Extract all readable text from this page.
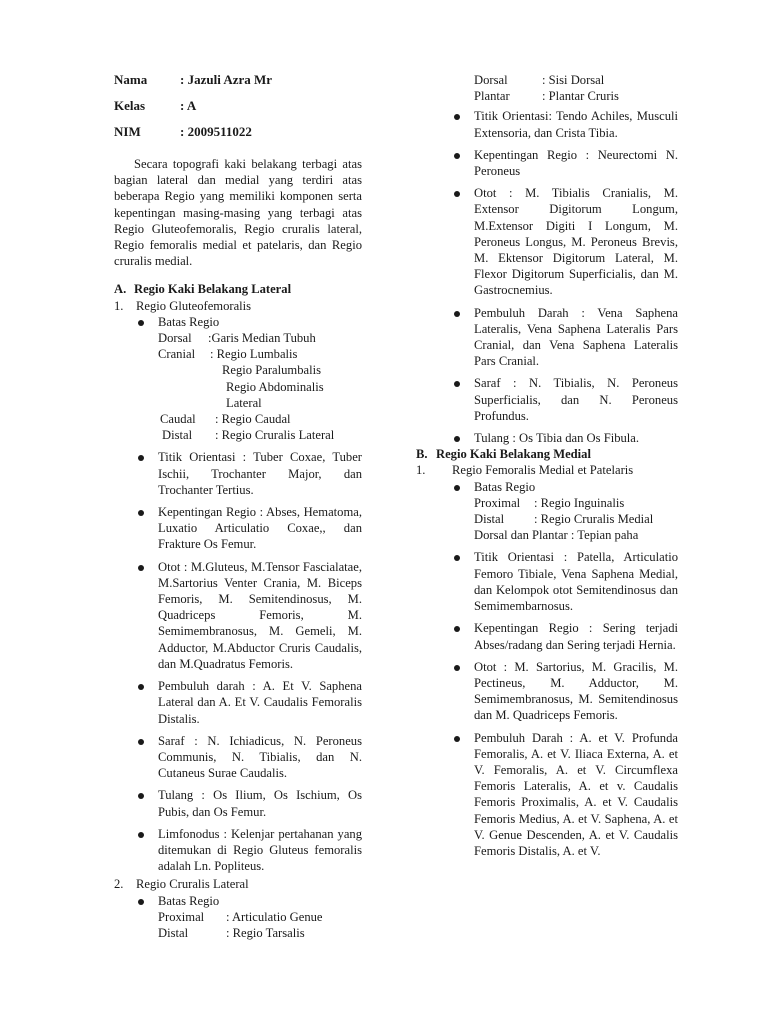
Nama	: Jazuli Azra Mr
Kelas	: A
NIM	: 2009511022

Secara topografi kaki belakang terbagi atas bagian lateral dan medial yang terdiri atas beberapa Regio yang memiliki komponen serta kepentingan masing-masing yang terbagi atas Regio Gluteofemoralis, Regio cruralis lateral, Regio femoralis medial et patelaris, dan Regio cruralis medial.

A. Regio Kaki Belakang Lateral
1. Regio Gluteofemoralis
Batas Regio
Dorsal	:Garis Median Tubuh
Cranial	: Regio Lumbalis
Regio Paralumbalis
Regio Abdominalis
Lateral
Caudal	: Regio Caudal
Distal	: Regio Cruralis Lateral
Titik Orientasi : Tuber Coxae, Tuber Ischii, Trochanter Major, dan Trochanter Tertius.
Kepentingan Regio : Abses, Hematoma, Luxatio Articulatio Coxae,, dan Frakture Os Femur.
Otot : M.Gluteus, M.Tensor Fascialatae, M.Sartorius Venter Crania, M. Biceps Femoris, M. Semitendinosus, M. Quadriceps Femoris, M. Semimembranosus, M. Gemeli, M. Adductor, M.Abductor Cruris Caudalis, dan M.Quadratus Femoris.
Pembuluh darah : A. Et V. Saphena Lateral dan A. Et V. Caudalis Femoralis Distalis.
Saraf : N. Ichiadicus, N. Peroneus Communis, N. Tibialis, dan N. Cutaneus Surae Caudalis.
Tulang : Os Ilium, Os Ischium, Os Pubis, dan Os Femur.
Limfonodus : Kelenjar pertahanan yang ditemukan di Regio Gluteus femoralis adalah Ln. Popliteus.
2. Regio Cruralis Lateral
Batas Regio
Proximal	: Articulatio Genue
Distal	: Regio Tarsalis
Dorsal	: Sisi Dorsal
Plantar	: Plantar Cruris
Titik Orientasi: Tendo Achiles, Musculi Extensoria, dan Crista Tibia.
Kepentingan Regio : Neurectomi N. Peroneus
Otot : M. Tibialis Cranialis, M. Extensor Digitorum Longum, M.Extensor Digiti I Longum, M. Peroneus Longus, M. Peroneus Brevis, M. Ektensor Digitorum Lateral, M. Flexor Digitorum Superficialis, dan M. Gastrocnemius.
Pembuluh Darah : Vena Saphena Lateralis, Vena Saphena Lateralis Pars Cranial, dan Vena Saphena Lateralis Pars Cranial.
Saraf : N. Tibialis, N. Peroneus Superficialis, dan N. Peroneus Profundus.
Tulang : Os Tibia dan Os Fibula.
B. Regio Kaki Belakang Medial
1.	Regio Femoralis Medial et Patelaris
Batas Regio
Proximal	: Regio Inguinalis
Distal	: Regio Cruralis Medial
Dorsal dan Plantar : Tepian paha
Titik Orientasi : Patella, Articulatio Femoro Tibiale, Vena Saphena Medial, dan Kelompok otot Semitendinosus dan Semimembarnosus.
Kepentingan Regio : Sering terjadi Abses/radang dan Sering terjadi Hernia.
Otot : M. Sartorius, M. Gracilis, M. Pectineus, M. Adductor, M. Semimembranosus, M. Semitendinosus dan M. Quadriceps Femoris.
Pembuluh Darah : A. et V. Profunda Femoralis, A. et V. Iliaca Externa, A. et V. Femoralis, A. et V. Circumflexa Femoris Lateralis, A. et v. Caudalis Femoris Proximalis, A. et V. Caudalis Femoris Medius, A. et V. Saphena, A. et V. Genue Descenden, A. et V. Caudalis Femoris Distalis, A. et V.
